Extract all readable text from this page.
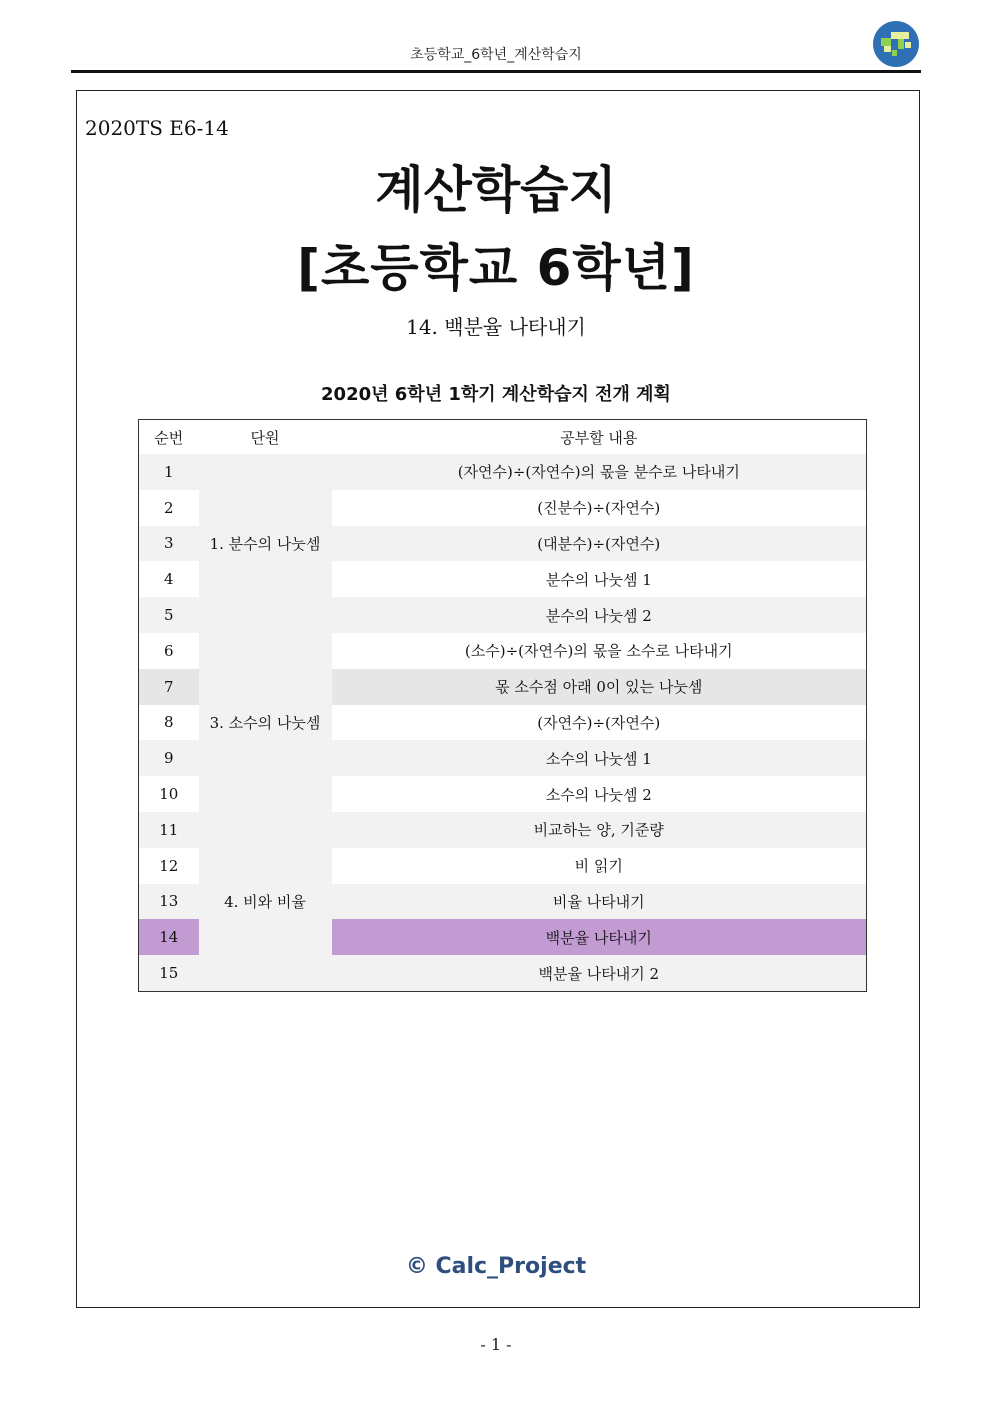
초등학교_6학년_계산학습지
2020TS E6-14
계산학습지
[초등학교 6학년]
14. 백분율 나타내기
2020년 6학년 1학기 계산학습지 전개 계획
순번	단원	공부할 내용
1	1. 분수의 나눗셈	(자연수)÷(자연수)의 몫을 분수로 나타내기
2		(진분수)÷(자연수)
3		(대분수)÷(자연수)
4		분수의 나눗셈 1
5		분수의 나눗셈 2
6	3. 소수의 나눗셈	(소수)÷(자연수)의 몫을 소수로 나타내기
7		몫 소수점 아래 0이 있는 나눗셈
8		(자연수)÷(자연수)
9		소수의 나눗셈 1
10		소수의 나눗셈 2
11	4. 비와 비율	비교하는 양, 기준량
12		비 읽기
13		비율 나타내기
14		백분율 나타내기
15		백분율 나타내기 2
© Calc_Project
- 1 -
